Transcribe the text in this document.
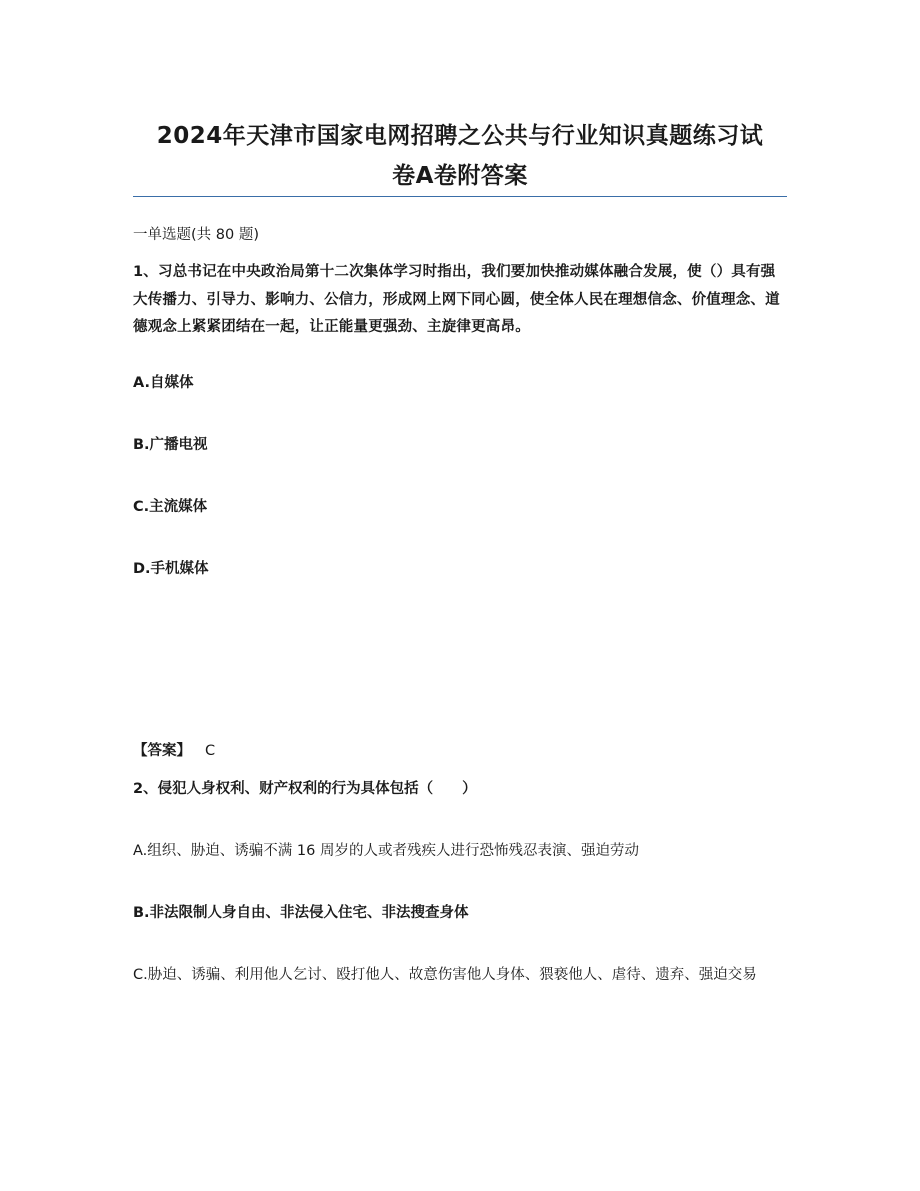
2024年天津市国家电网招聘之公共与行业知识真题练习试
卷A卷附答案
一单选题(共 80 题)
1、习总书记在中央政治局第十二次集体学习时指出，我们要加快推动媒体融合发展，使（）具有强大传播力、引导力、影响力、公信力，形成网上网下同心圆，使全体人民在理想信念、价值理念、道德观念上紧紧团结在一起，让正能量更强劲、主旋律更高昂。
A.自媒体
B.广播电视
C.主流媒体
D.手机媒体
【答案】 C
2、侵犯人身权利、财产权利的行为具体包括（　　）
A.组织、胁迫、诱骗不满 16 周岁的人或者残疾人进行恐怖残忍表演、强迫劳动
B.非法限制人身自由、非法侵入住宅、非法搜查身体
C.胁迫、诱骗、利用他人乞讨、殴打他人、故意伤害他人身体、猥亵他人、虐待、遗弃、强迫交易
